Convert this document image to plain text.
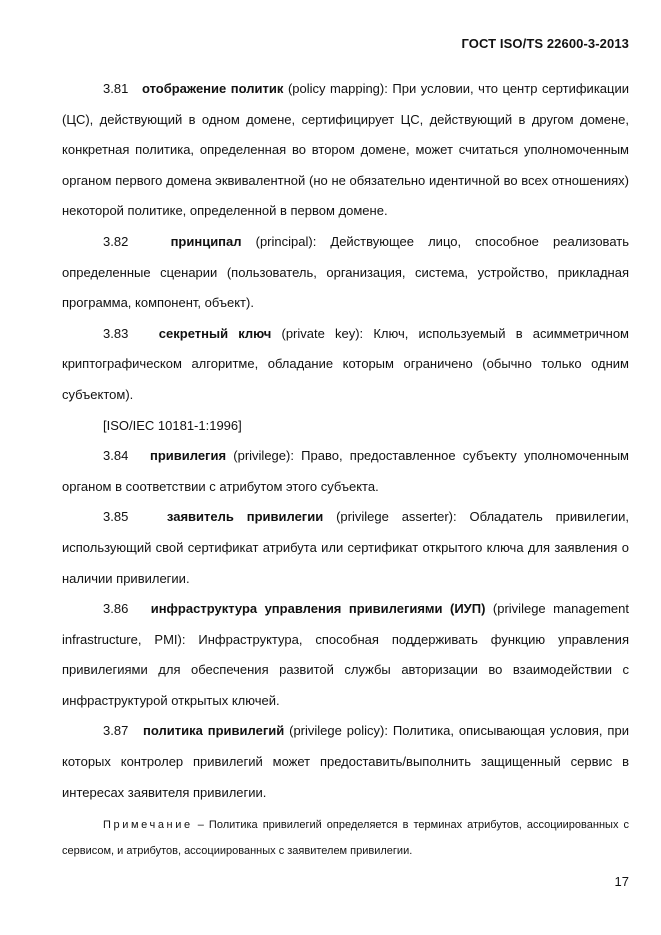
ГОСТ ISO/TS 22600-3-2013

3.81 отображение политик (policy mapping): При условии, что центр сертификации (ЦС), действующий в одном домене, сертифицирует ЦС, действующий в другом домене, конкретная политика, определенная во втором домене, может считаться уполномоченным органом первого домена эквивалентной (но не обязательно идентичной во всех отношениях) некоторой политике, определенной в первом домене.

3.82	принципал (principal): Действующее лицо, способное реализовать определенные сценарии (пользователь, организация, система, устройство, прикладная программа, компонент, объект).

3.83 секретный ключ (private key): Ключ, используемый в асимметричном криптографическом алгоритме, обладание которым ограничено (обычно только одним субъектом).

[ISO/IEC 10181-1:1996]

3.84 привилегия (privilege): Право, предоставленное субъекту уполномоченным органом в соответствии с атрибутом этого субъекта.

3.85	заявитель привилегии (privilege asserter): Обладатель привилегии, использующий свой сертификат атрибута или сертификат открытого ключа для заявления о наличии привилегии.

3.86 инфраструктура управления привилегиями (ИУП) (privilege management infrastructure, PMI): Инфраструктура, способная поддерживать функцию управления привилегиями для обеспечения развитой службы авторизации во взаимодействии с инфраструктурой открытых ключей.

3.87 политика привилегий (privilege policy): Политика, описывающая условия, при которых контролер привилегий может предоставить/выполнить защищенный сервис в интересах заявителя привилегии.

Примечание – Политика привилегий определяется в терминах атрибутов, ассоциированных с сервисом, и атрибутов, ассоциированных с заявителем привилегии.

17
